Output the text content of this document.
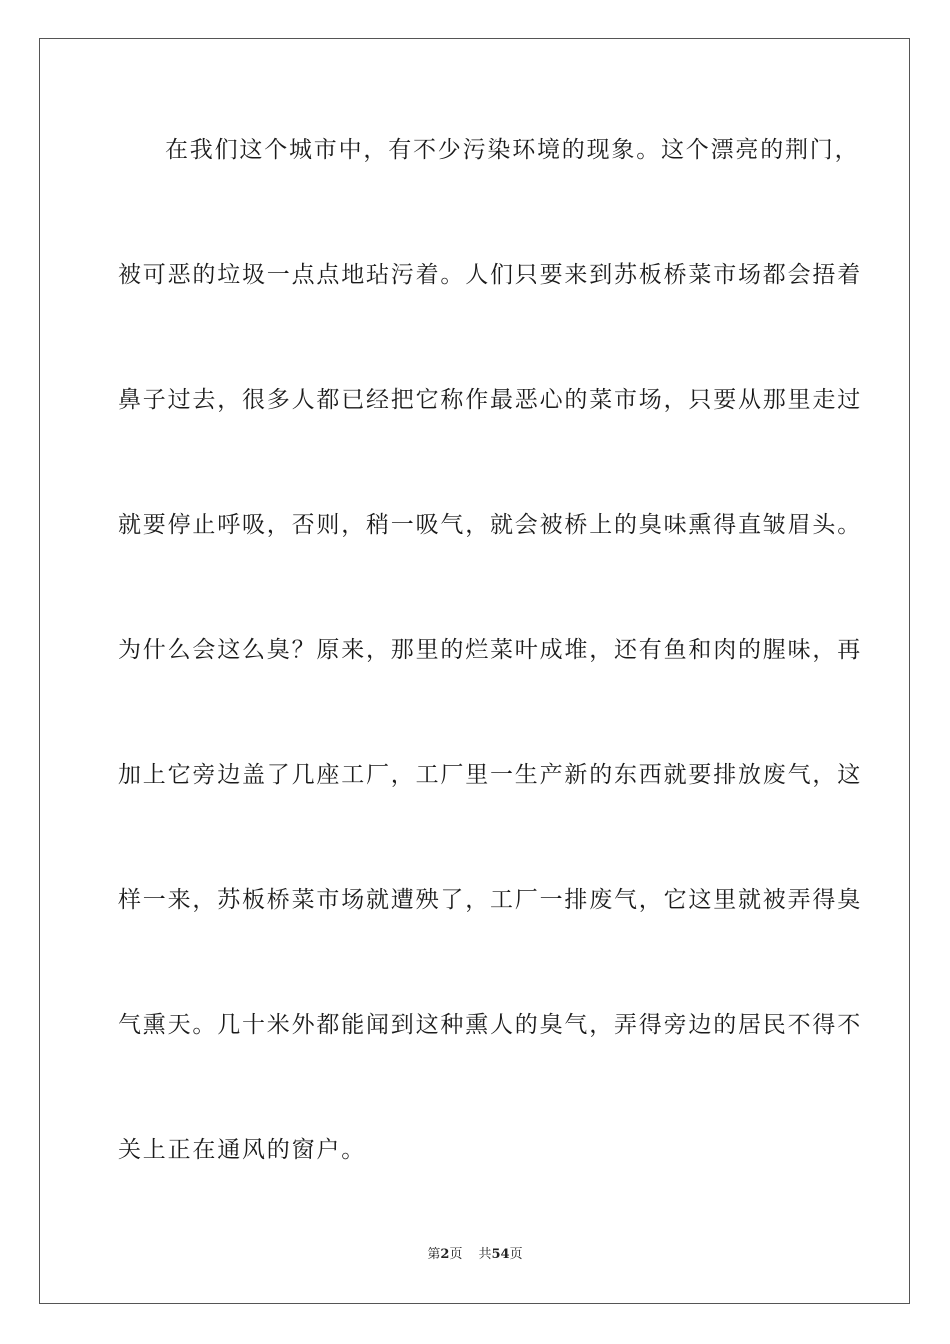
在我们这个城市中，有不少污染环境的现象。这个漂亮的荆门，
被可恶的垃圾一点点地玷污着。人们只要来到苏板桥菜市场都会捂着
鼻子过去，很多人都已经把它称作最恶心的菜市场，只要从那里走过
就要停止呼吸，否则，稍一吸气，就会被桥上的臭味熏得直皱眉头。
为什么会这么臭？原来，那里的烂菜叶成堆，还有鱼和肉的腥味，再
加上它旁边盖了几座工厂，工厂里一生产新的东西就要排放废气，这
样一来，苏板桥菜市场就遭殃了，工厂一排废气，它这里就被弄得臭
气熏天。几十米外都能闻到这种熏人的臭气，弄得旁边的居民不得不
关上正在通风的窗户。
第2页 共54页
